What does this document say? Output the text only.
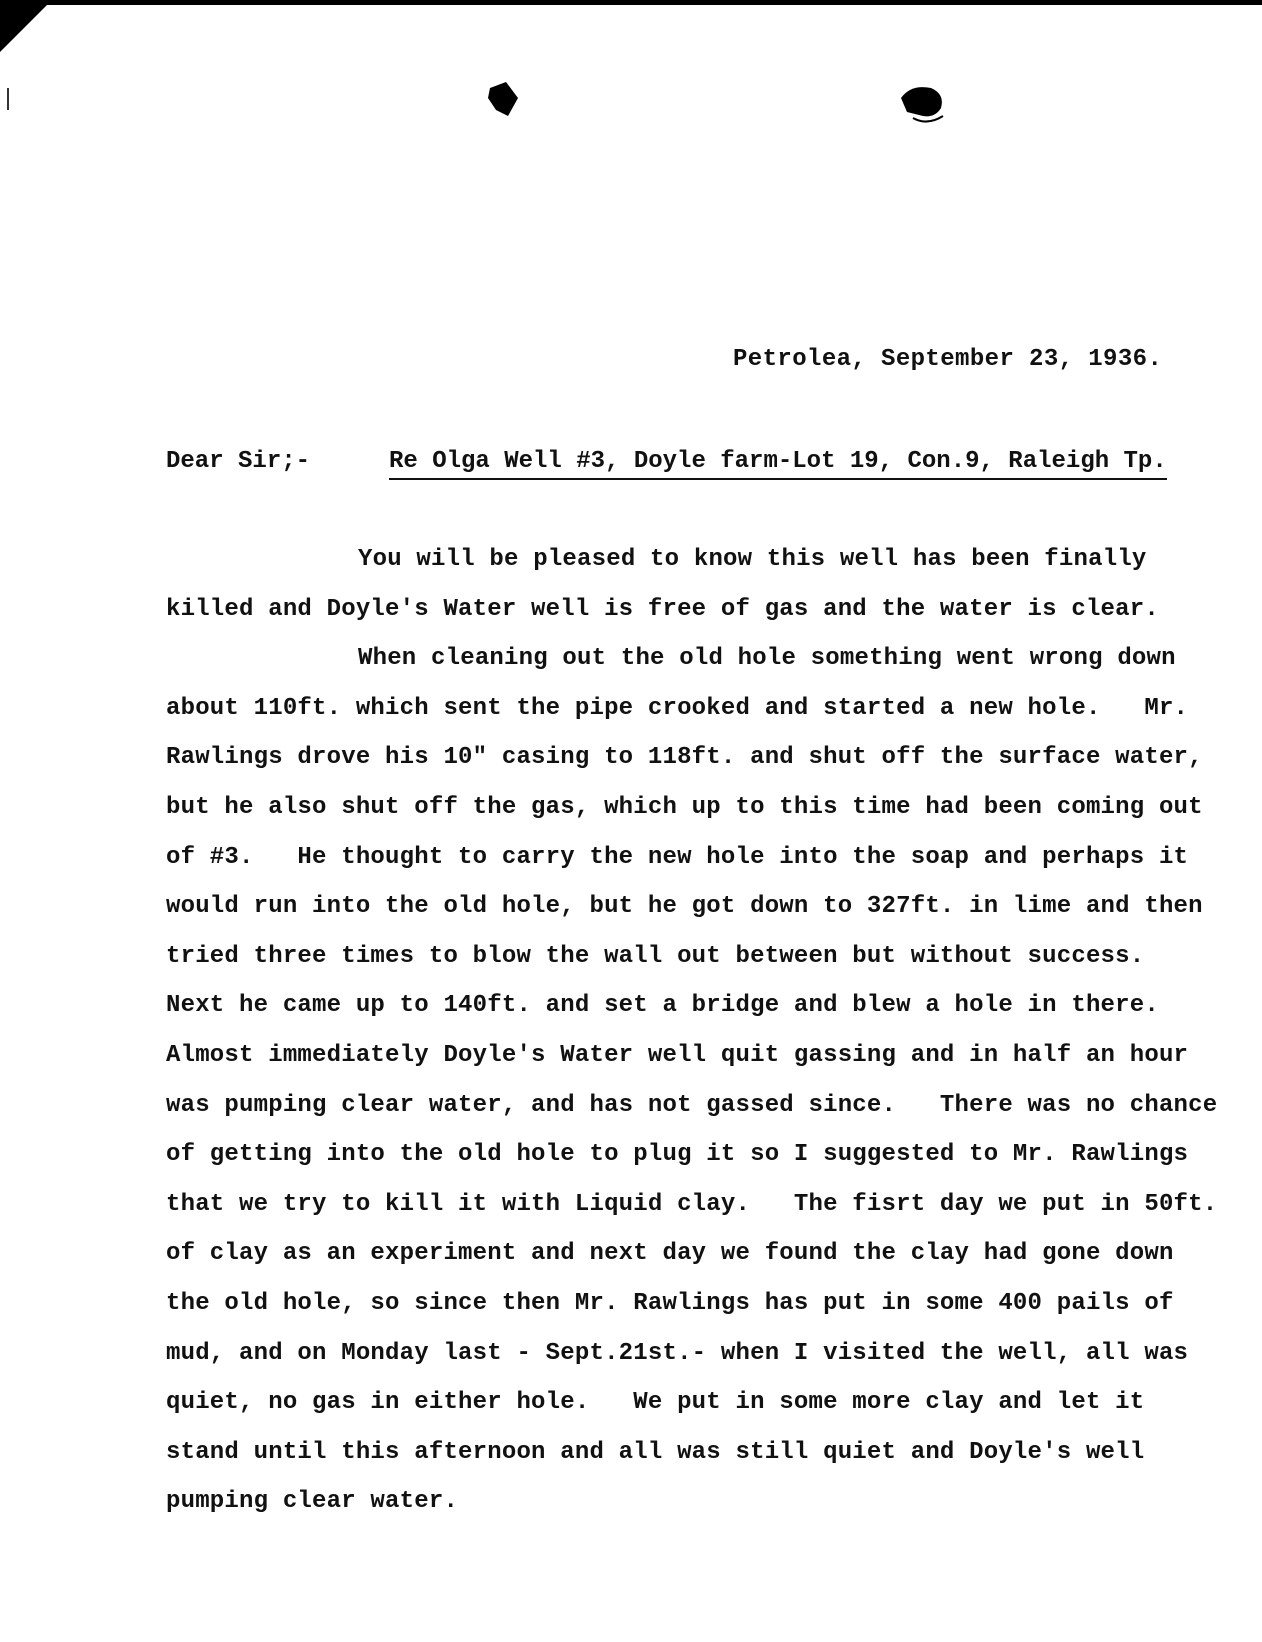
Petrolea, September 23, 1936.
Dear Sir;-	Re Olga Well #3, Doyle farm-Lot 19, Con.9, Raleigh Tp.
You will be pleased to know this well has been finally
killed and Doyle's Water well is free of gas and the water is clear.
When cleaning out the old hole something went wrong down
about 110ft. which sent the pipe crooked and started a new hole.   Mr.
Rawlings drove his 10" casing to 118ft. and shut off the surface water,
but he also shut off the gas, which up to this time had been coming out
of #3.   He thought to carry the new hole into the soap and perhaps it
would run into the old hole, but he got down to 327ft. in lime and then
tried three times to blow the wall out between but without success.
Next he came up to 140ft. and set a bridge and blew a hole in there.
Almost immediately Doyle's Water well quit gassing and in half an hour
was pumping clear water, and has not gassed since.   There was no chance
of getting into the old hole to plug it so I suggested to Mr. Rawlings
that we try to kill it with Liquid clay.   The fisrt day we put in 50ft.
of clay as an experiment and next day we found the clay had gone down
the old hole, so since then Mr. Rawlings has put in some 400 pails of
mud, and on Monday last - Sept.21st.- when I visited the well, all was
quiet, no gas in either hole.   We put in some more clay and let it
stand until this afternoon and all was still quiet and Doyle's well
pumping clear water.
